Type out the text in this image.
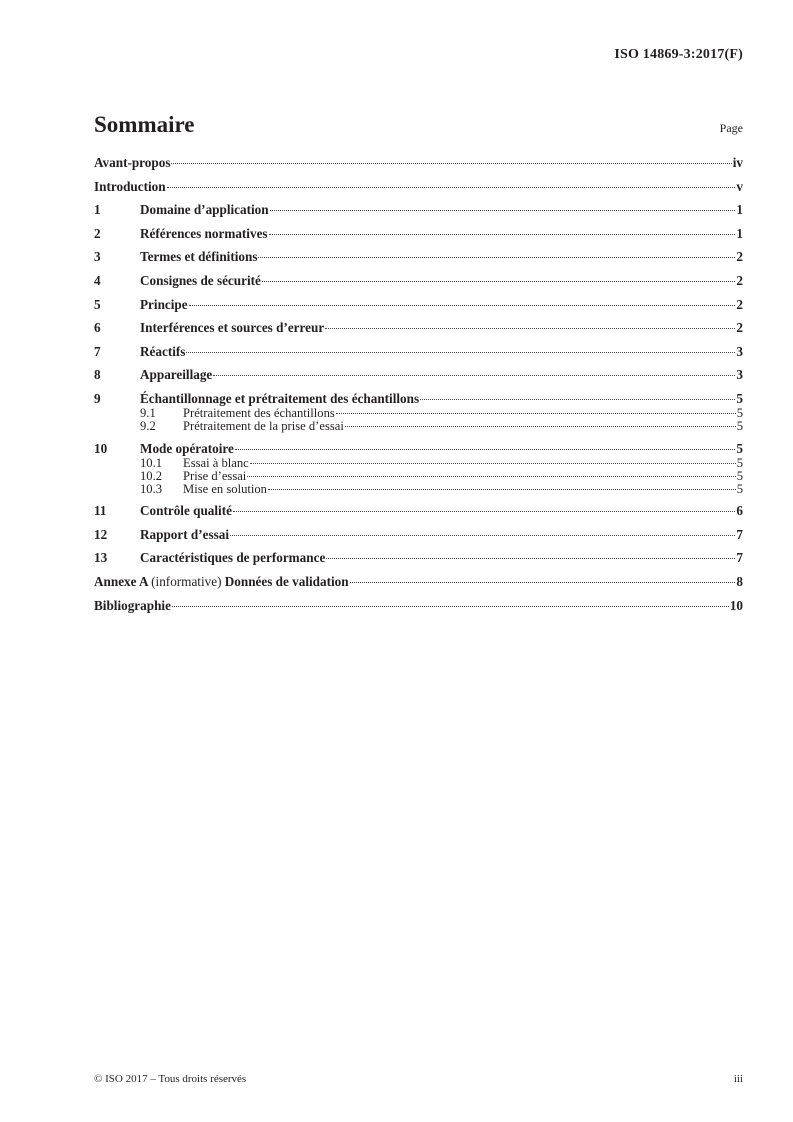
ISO 14869-3:2017(F)
Sommaire	Page
Avant-propos	iv
Introduction	v
1	Domaine d’application	1
2	Références normatives	1
3	Termes et définitions	2
4	Consignes de sécurité	2
5	Principe	2
6	Interférences et sources d’erreur	2
7	Réactifs	3
8	Appareillage	3
9	Échantillonnage et prétraitement des échantillons	5
9.1	Prétraitement des échantillons	5
9.2	Prétraitement de la prise d’essai	5
10	Mode opératoire	5
10.1	Essai à blanc	5
10.2	Prise d’essai	5
10.3	Mise en solution	5
11	Contrôle qualité	6
12	Rapport d’essai	7
13	Caractéristiques de performance	7
Annexe A (informative) Données de validation	8
Bibliographie	10
© ISO 2017 – Tous droits réservés	iii
